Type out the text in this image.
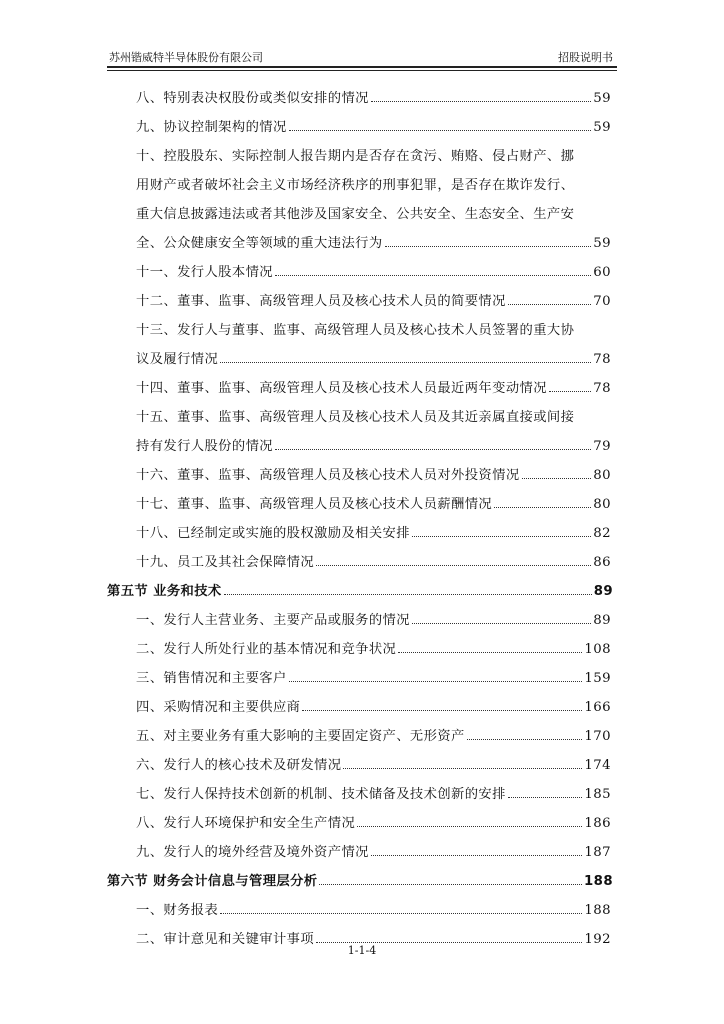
苏州锴威特半导体股份有限公司	招股说明书
八、特别表决权股份或类似安排的情况	59
九、协议控制架构的情况	59
十、控股股东、实际控制人报告期内是否存在贪污、贿赂、侵占财产、挪
用财产或者破坏社会主义市场经济秩序的刑事犯罪，是否存在欺诈发行、
重大信息披露违法或者其他涉及国家安全、公共安全、生态安全、生产安
全、公众健康安全等领域的重大违法行为	59
十一、发行人股本情况	60
十二、董事、监事、高级管理人员及核心技术人员的简要情况	70
十三、发行人与董事、监事、高级管理人员及核心技术人员签署的重大协
议及履行情况	78
十四、董事、监事、高级管理人员及核心技术人员最近两年变动情况	78
十五、董事、监事、高级管理人员及核心技术人员及其近亲属直接或间接
持有发行人股份的情况	79
十六、董事、监事、高级管理人员及核心技术人员对外投资情况	80
十七、董事、监事、高级管理人员及核心技术人员薪酬情况	80
十八、已经制定或实施的股权激励及相关安排	82
十九、员工及其社会保障情况	86
第五节 业务和技术	89
一、发行人主营业务、主要产品或服务的情况	89
二、发行人所处行业的基本情况和竞争状况	108
三、销售情况和主要客户	159
四、采购情况和主要供应商	166
五、对主要业务有重大影响的主要固定资产、无形资产	170
六、发行人的核心技术及研发情况	174
七、发行人保持技术创新的机制、技术储备及技术创新的安排	185
八、发行人环境保护和安全生产情况	186
九、发行人的境外经营及境外资产情况	187
第六节 财务会计信息与管理层分析	188
一、财务报表	188
二、审计意见和关键审计事项	192
1-1-4
